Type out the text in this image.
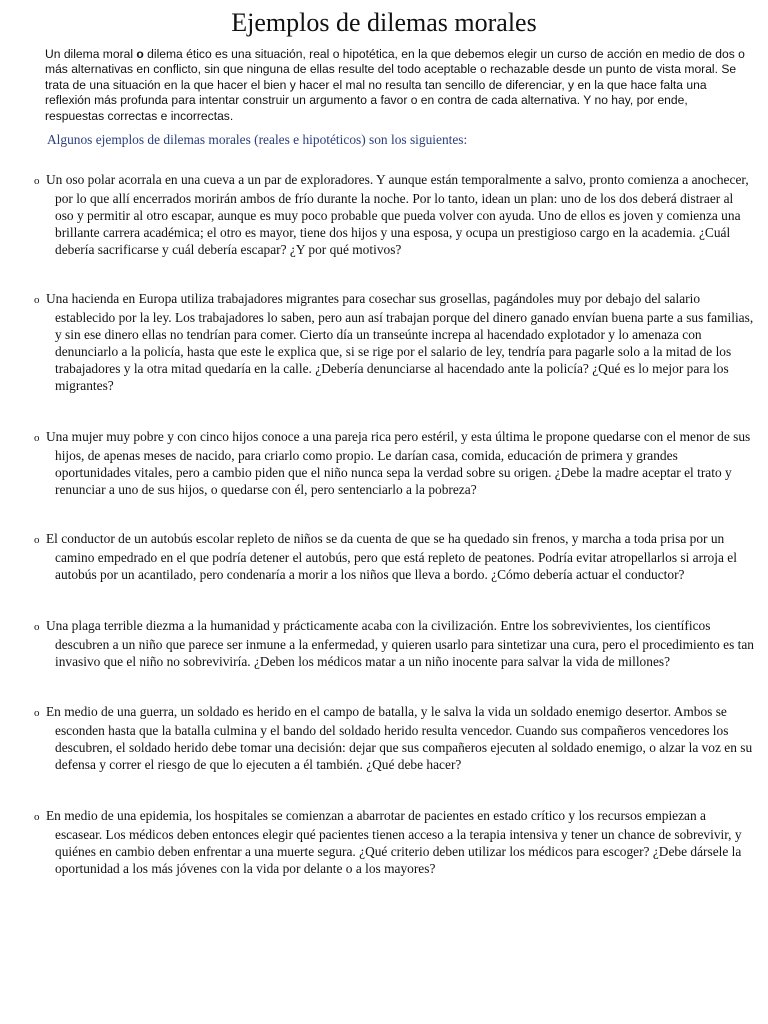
Ejemplos de dilemas morales

Un dilema moral o dilema ético es una situación, real o hipotética, en la que debemos elegir un curso de acción en medio de dos o más alternativas en conflicto, sin que ninguna de ellas resulte del todo aceptable o rechazable desde un punto de vista moral. Se trata de una situación en la que hacer el bien y hacer el mal no resulta tan sencillo de diferenciar, y en la que hace falta una reflexión más profunda para intentar construir un argumento a favor o en contra de cada alternativa. Y no hay, por ende, respuestas correctas e incorrectas.

Algunos ejemplos de dilemas morales (reales e hipotéticos) son los siguientes:

o Un oso polar acorrala en una cueva a un par de exploradores. Y aunque están temporalmente a salvo, pronto comienza a anochecer, por lo que allí encerrados morirán ambos de frío durante la noche. Por lo tanto, idean un plan: uno de los dos deberá distraer al oso y permitir al otro escapar, aunque es muy poco probable que pueda volver con ayuda. Uno de ellos es joven y comienza una brillante carrera académica; el otro es mayor, tiene dos hijos y una esposa, y ocupa un prestigioso cargo en la academia. ¿Cuál debería sacrificarse y cuál debería escapar? ¿Y por qué motivos?

o Una hacienda en Europa utiliza trabajadores migrantes para cosechar sus grosellas, pagándoles muy por debajo del salario establecido por la ley. Los trabajadores lo saben, pero aun así trabajan porque del dinero ganado envían buena parte a sus familias, y sin ese dinero ellas no tendrían para comer. Cierto día un transeúnte increpa al hacendado explotador y lo amenaza con denunciarlo a la policía, hasta que este le explica que, si se rige por el salario de ley, tendría para pagarle solo a la mitad de los trabajadores y la otra mitad quedaría en la calle. ¿Debería denunciarse al hacendado ante la policía? ¿Qué es lo mejor para los migrantes?

o Una mujer muy pobre y con cinco hijos conoce a una pareja rica pero estéril, y esta última le propone quedarse con el menor de sus hijos, de apenas meses de nacido, para criarlo como propio. Le darían casa, comida, educación de primera y grandes oportunidades vitales, pero a cambio piden que el niño nunca sepa la verdad sobre su origen. ¿Debe la madre aceptar el trato y renunciar a uno de sus hijos, o quedarse con él, pero sentenciarlo a la pobreza?

o El conductor de un autobús escolar repleto de niños se da cuenta de que se ha quedado sin frenos, y marcha a toda prisa por un camino empedrado en el que podría detener el autobús, pero que está repleto de peatones. Podría evitar atropellarlos si arroja el autobús por un acantilado, pero condenaría a morir a los niños que lleva a bordo. ¿Cómo debería actuar el conductor?

o Una plaga terrible diezma a la humanidad y prácticamente acaba con la civilización. Entre los sobrevivientes, los científicos descubren a un niño que parece ser inmune a la enfermedad, y quieren usarlo para sintetizar una cura, pero el procedimiento es tan invasivo que el niño no sobreviviría. ¿Deben los médicos matar a un niño inocente para salvar la vida de millones?

o En medio de una guerra, un soldado es herido en el campo de batalla, y le salva la vida un soldado enemigo desertor. Ambos se esconden hasta que la batalla culmina y el bando del soldado herido resulta vencedor. Cuando sus compañeros vencedores los descubren, el soldado herido debe tomar una decisión: dejar que sus compañeros ejecuten al soldado enemigo, o alzar la voz en su defensa y correr el riesgo de que lo ejecuten a él también. ¿Qué debe hacer?

o En medio de una epidemia, los hospitales se comienzan a abarrotar de pacientes en estado crítico y los recursos empiezan a escasear. Los médicos deben entonces elegir qué pacientes tienen acceso a la terapia intensiva y tener un chance de sobrevivir, y quiénes en cambio deben enfrentar a una muerte segura. ¿Qué criterio deben utilizar los médicos para escoger? ¿Debe dársele la oportunidad a los más jóvenes con la vida por delante o a los mayores?
